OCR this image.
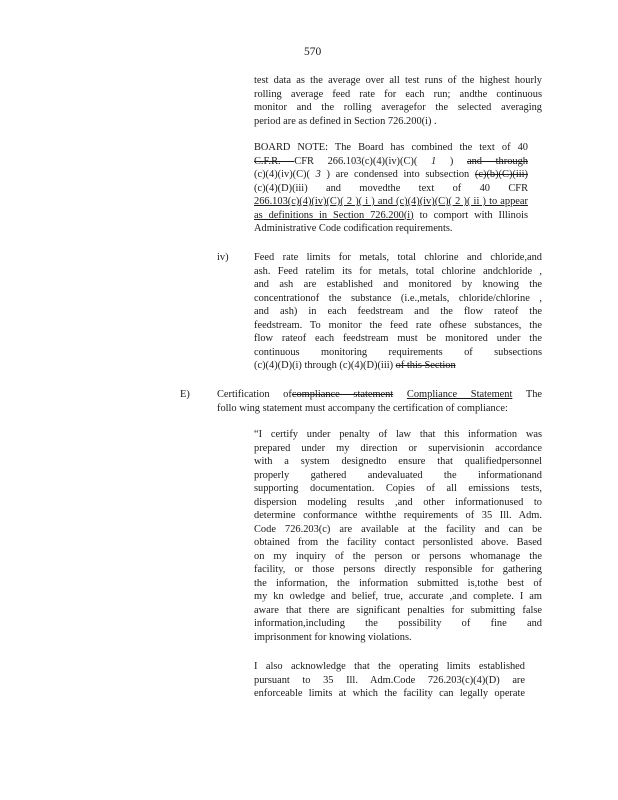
570
test data as the average over all test runs of the highest hourly
rolling average feed rate for each run; andthe continuous
monitor and the rolling averagefor the selected averaging
period are as defined in Section 726.200(i) .
BOARD NOTE: The Board has combined the text of 40
C.F.R. CFR 266.103(c)(4)(iv)(C)( 1 ) and through
(c)(4)(iv)(C)( 3 ) are condensed into subsection (c)(b)(C)(iii)
(c)(4)(D)(iii) and movedthe text of 40 CFR
266.103(c)(4)(iv)(C)( 2 )( i ) and (c)(4)(iv)(C)( 2 )( ii ) to appear
as definitions in Section 726.200(i) to comport with Illinois
Administrative Code codification requirements.
iv) Feed rate limits for metals, total chlorine and chloride,and
ash. Feed ratelim its for metals, total chlorine andchloride ,
and ash are established and monitored by knowing the
concentrationof the substance (i.e.,metals, chloride/chlorine ,
and ash) in each feedstream and the flow rateof the
feedstream. To monitor the feed rate ofhese substances, the
flow rateof each feedstream must be monitored under the
continuous monitoring requirements of subsections
(c)(4)(D)(i) through (c)(4)(D)(iii) of this Section
E)	Certification ofcompliance statement Compliance Statement The
follo wing statement must accompany the certification of compliance:
“I certify under penalty of law that this information was
prepared under my direction or supervisionin accordance
with a system designedto ensure that qualifiedpersonnel
properly gathered andevaluated the informationand
supporting documentation. Copies of all emissions tests,
dispersion modeling results ,and other informationused to
determine conformance withthe requirements of 35 Ill. Adm.
Code 726.203(c) are available at the facility and can be
obtained from the facility contact personlisted above. Based
on my inquiry of the person or persons whomanage the
facility, or those persons directly responsible for gathering
the information, the information submitted is,tothe best of
my kn owledge and belief, true, accurate ,and complete. I am
aware that there are significant penalties for submitting false
information,including the possibility of fine and
imprisonment for knowing violations.
I also acknowledge that the operating limits established
pursuant to 35 Ill. Adm.Code 726.203(c)(4)(D) are
enforceable limits at which the facility can legally operate
